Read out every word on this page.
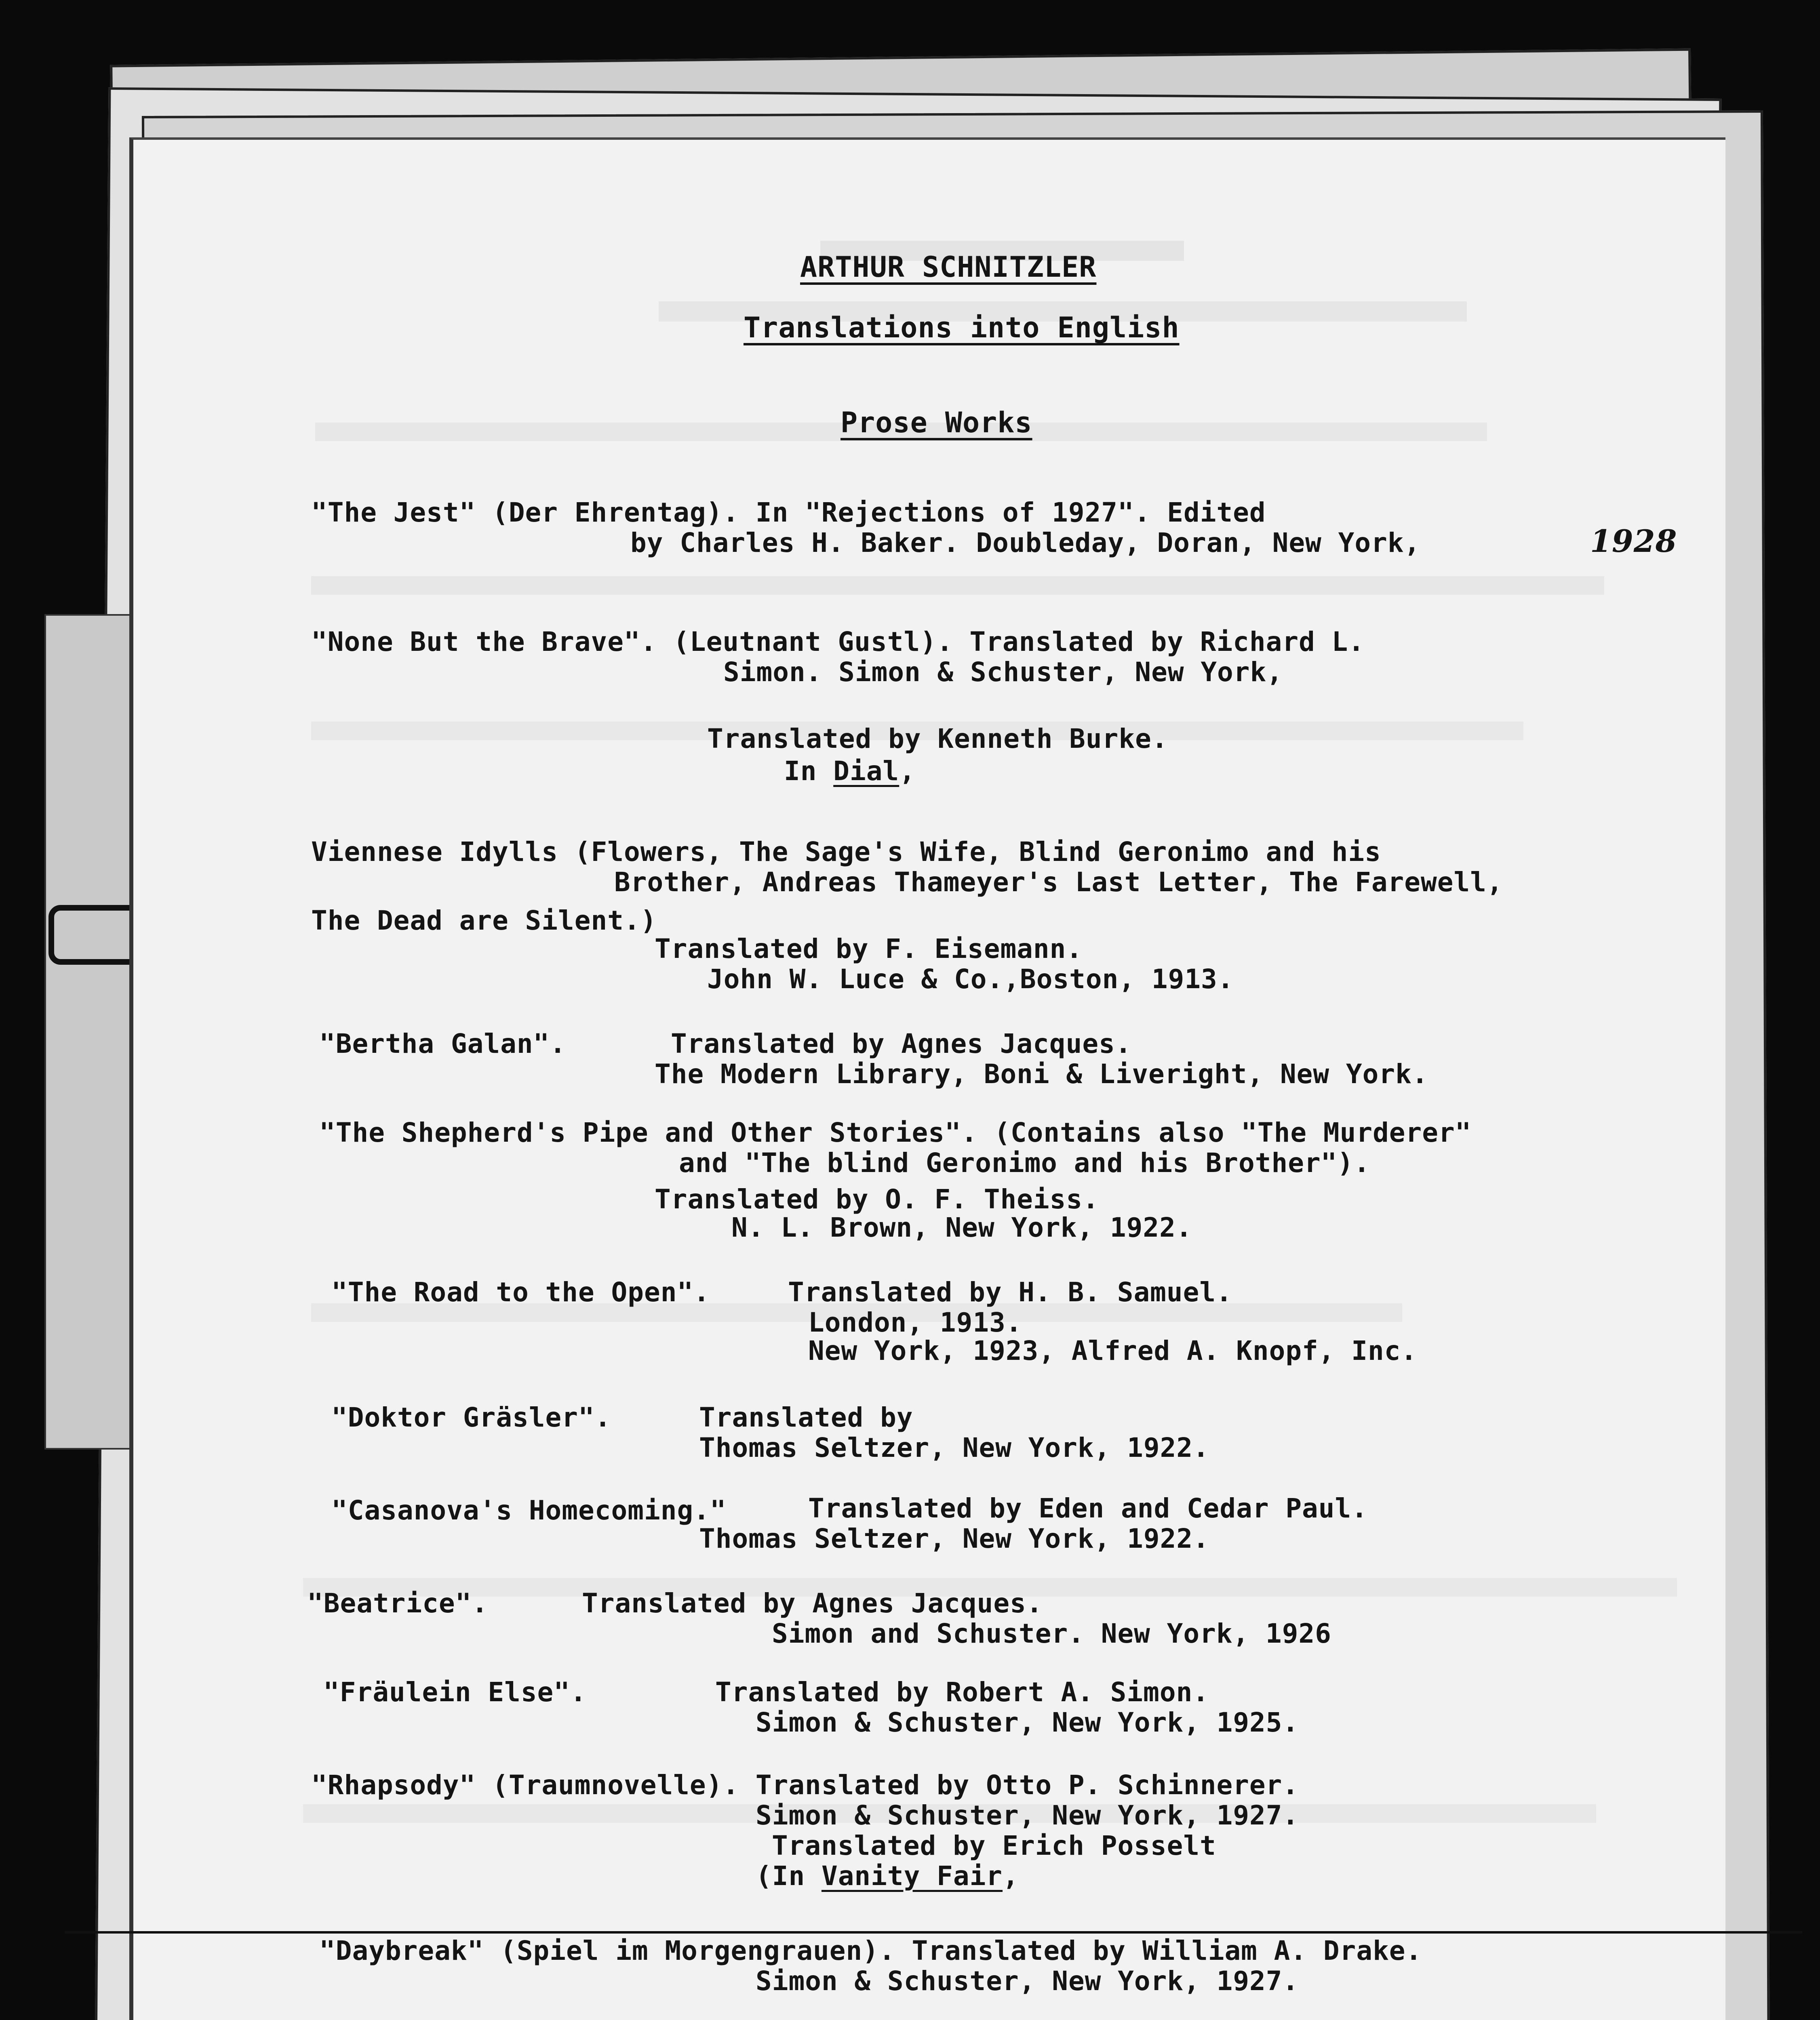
ARTHUR SCHNITZLER
Translations into English
Prose Works
"The Jest" (Der Ehrentag). In "Rejections of 1927". Edited
by Charles H. Baker. Doubleday, Doran, New York,	1928
"None But the Brave". (Leutnant Gustl). Translated by Richard L.
Simon. Simon & Schuster, New York,
Translated by Kenneth Burke.
In Dial,
Viennese Idylls (Flowers, The Sage's Wife, Blind Geronimo and his
Brother, Andreas Thameyer's Last Letter, The Farewell,
The Dead are Silent.)
Translated by F. Eisemann.
John W. Luce & Co.,Boston, 1913.
"Bertha Galan".	Translated by Agnes Jacques.
The Modern Library, Boni & Liveright, New York.
"The Shepherd's Pipe and Other Stories". (Contains also "The Murderer"
and "The blind Geronimo and his Brother").
Translated by O. F. Theiss.
N. L. Brown, New York, 1922.
"The Road to the Open".	Translated by H. B. Samuel.
London, 1913.
New York, 1923, Alfred A. Knopf, Inc.
"Doktor Gräsler".	Translated by
Thomas Seltzer, New York, 1922.
"Casanova's Homecoming."	Translated by Eden and Cedar Paul.
Thomas Seltzer, New York, 1922.
"Beatrice".	Translated by Agnes Jacques.
Simon and Schuster. New York, 1926
"Fräulein Else".	Translated by Robert A. Simon.
Simon & Schuster, New York, 1925.
"Rhapsody" (Traumnovelle). Translated by Otto P. Schinnerer.
Simon & Schuster, New York, 1927.
Translated by Erich Posselt
(In Vanity Fair,
"Daybreak" (Spiel im Morgengrauen). Translated by William A. Drake.
Simon & Schuster, New York, 1927.
